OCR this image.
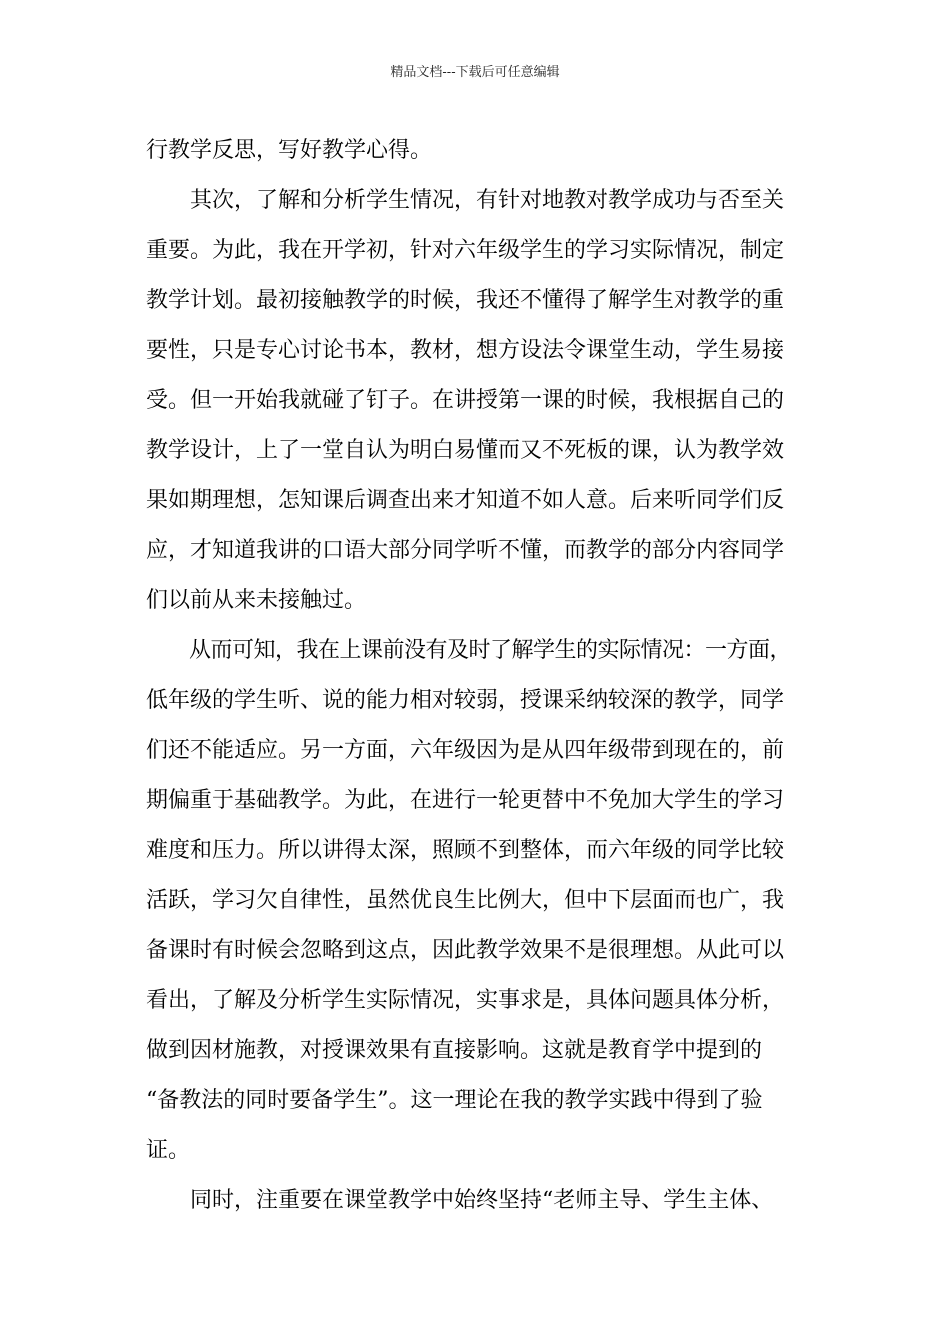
精品文档---下载后可任意编辑
行教学反思，写好教学心得。
　　其次，了解和分析学生情况，有针对地教对教学成功与否至关
重要。为此，我在开学初，针对六年级学生的学习实际情况，制定
教学计划。最初接触教学的时候，我还不懂得了解学生对教学的重
要性，只是专心讨论书本，教材，想方设法令课堂生动，学生易接
受。但一开始我就碰了钉子。在讲授第一课的时候，我根据自己的
教学设计，上了一堂自认为明白易懂而又不死板的课，认为教学效
果如期理想，怎知课后调查出来才知道不如人意。后来听同学们反
应，才知道我讲的口语大部分同学听不懂，而教学的部分内容同学
们以前从来未接触过。
　　从而可知，我在上课前没有及时了解学生的实际情况：一方面，
低年级的学生听、说的能力相对较弱，授课采纳较深的教学，同学
们还不能适应。另一方面，六年级因为是从四年级带到现在的，前
期偏重于基础教学。为此，在进行一轮更替中不免加大学生的学习
难度和压力。所以讲得太深，照顾不到整体，而六年级的同学比较
活跃，学习欠自律性，虽然优良生比例大，但中下层面而也广，我
备课时有时候会忽略到这点，因此教学效果不是很理想。从此可以
看出，了解及分析学生实际情况，实事求是，具体问题具体分析，
做到因材施教，对授课效果有直接影响。这就是教育学中提到的
“备教法的同时要备学生”。这一理论在我的教学实践中得到了验
证。
　　同时，注重要在课堂教学中始终坚持“老师主导、学生主体、
